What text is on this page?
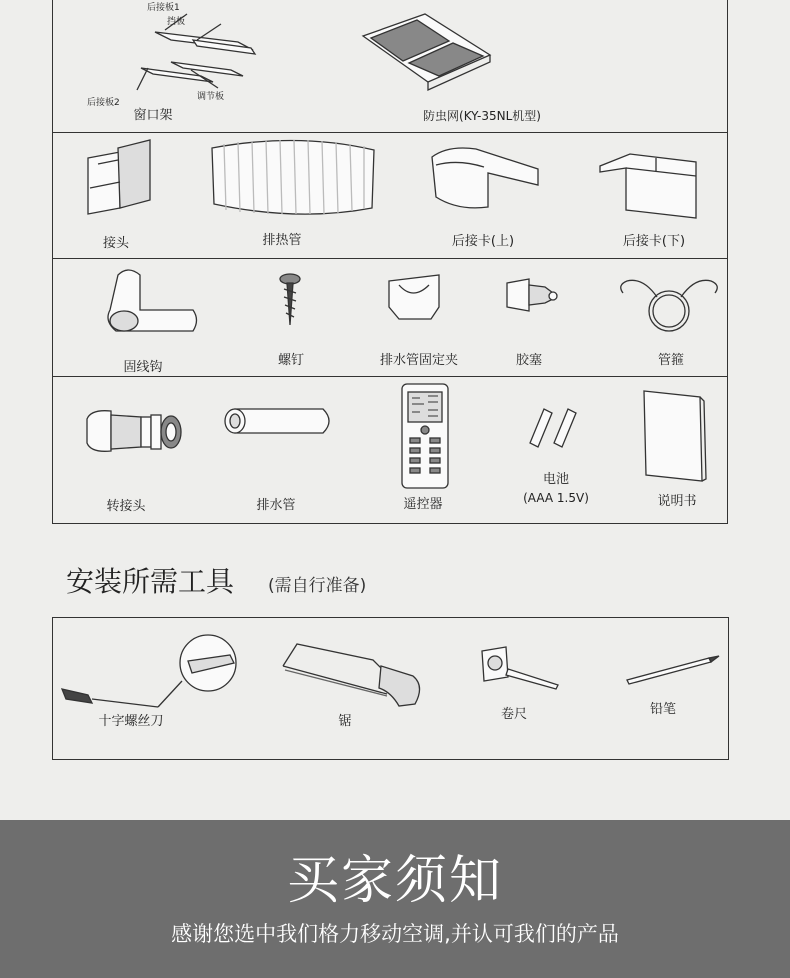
后接板1
挡板
后接板2
调节板
窗口架	防虫网(KY-35NL机型)
接头	排热管	后接卡(上)	后接卡(下)
固线钩	螺钉	排水管固定夹	胶塞	管箍
转接头	排水管	遥控器
电池
(AAA 1.5V)	说明书
安装所需工具 (需自行准备)
十字螺丝刀	锯	卷尺	铅笔
买家须知
感谢您选中我们格力移动空调,并认可我们的产品
